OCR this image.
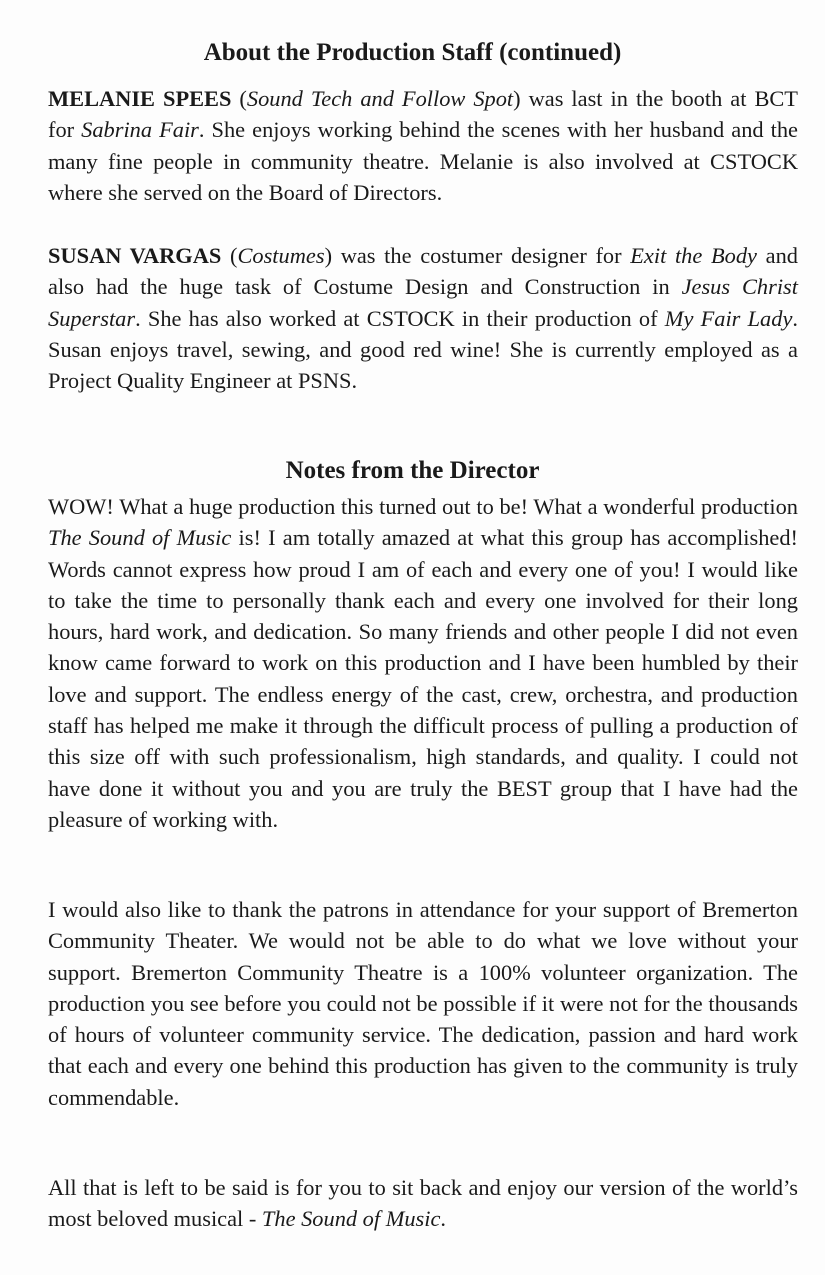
About the Production Staff (continued)

MELANIE SPEES (Sound Tech and Follow Spot) was last in the booth at BCT for Sabrina Fair. She enjoys working behind the scenes with her husband and the many fine people in community theatre. Melanie is also involved at CSTOCK where she served on the Board of Directors.

SUSAN VARGAS (Costumes) was the costumer designer for Exit the Body and also had the huge task of Costume Design and Construction in Jesus Christ Superstar. She has also worked at CSTOCK in their production of My Fair Lady. Susan enjoys travel, sewing, and good red wine! She is currently employed as a Project Quality Engineer at PSNS.

Notes from the Director

WOW! What a huge production this turned out to be! What a wonderful production The Sound of Music is! I am totally amazed at what this group has accomplished! Words cannot express how proud I am of each and every one of you! I would like to take the time to personally thank each and every one involved for their long hours, hard work, and dedication. So many friends and other people I did not even know came forward to work on this production and I have been humbled by their love and support. The endless energy of the cast, crew, orchestra, and production staff has helped me make it through the difficult process of pulling a production of this size off with such professionalism, high standards, and quality. I could not have done it without you and you are truly the BEST group that I have had the pleasure of working with.

I would also like to thank the patrons in attendance for your support of Bremerton Community Theater. We would not be able to do what we love without your support. Bremerton Community Theatre is a 100% volunteer organization. The production you see before you could not be possible if it were not for the thousands of hours of volunteer community service. The dedication, passion and hard work that each and every one behind this production has given to the community is truly commendable.

All that is left to be said is for you to sit back and enjoy our version of the world’s most beloved musical - The Sound of Music.
